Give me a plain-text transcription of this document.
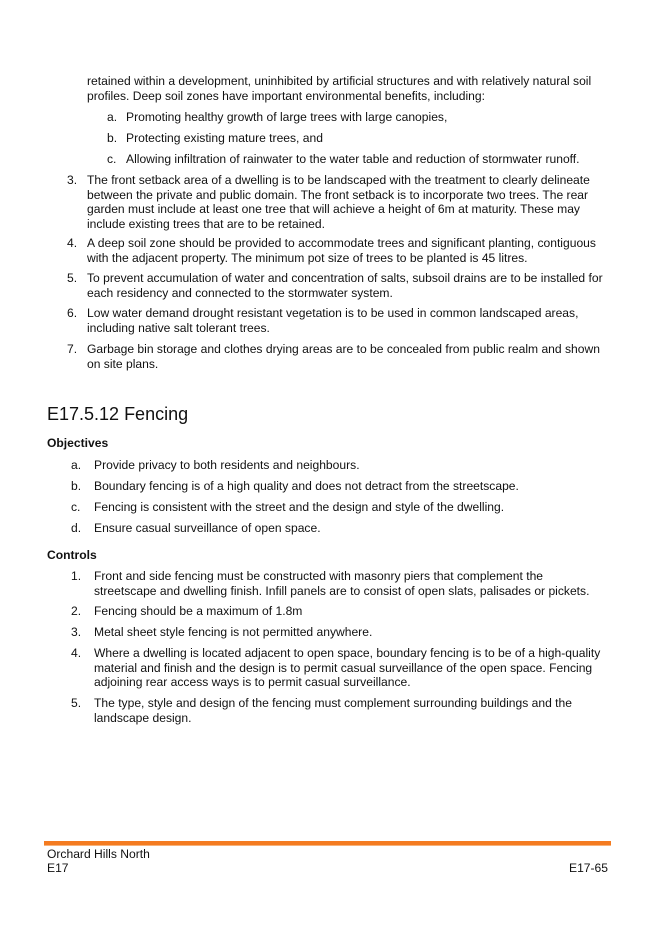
retained within a development, uninhibited by artificial structures and with relatively natural soil
profiles. Deep soil zones have important environmental benefits, including:
a. Promoting healthy growth of large trees with large canopies,
b. Protecting existing mature trees, and
c. Allowing infiltration of rainwater to the water table and reduction of stormwater runoff.
3. The front setback area of a dwelling is to be landscaped with the treatment to clearly delineate
between the private and public domain. The front setback is to incorporate two trees. The rear
garden must include at least one tree that will achieve a height of 6m at maturity. These may
include existing trees that are to be retained.
4. A deep soil zone should be provided to accommodate trees and significant planting, contiguous
with the adjacent property. The minimum pot size of trees to be planted is 45 litres.
5. To prevent accumulation of water and concentration of salts, subsoil drains are to be installed for
each residency and connected to the stormwater system.
6. Low water demand drought resistant vegetation is to be used in common landscaped areas,
including native salt tolerant trees.
7. Garbage bin storage and clothes drying areas are to be concealed from public realm and shown
on site plans.
E17.5.12 Fencing
Objectives
a. Provide privacy to both residents and neighbours.
b. Boundary fencing is of a high quality and does not detract from the streetscape.
c. Fencing is consistent with the street and the design and style of the dwelling.
d. Ensure casual surveillance of open space.
Controls
1. Front and side fencing must be constructed with masonry piers that complement the
streetscape and dwelling finish. Infill panels are to consist of open slats, palisades or pickets.
2. Fencing should be a maximum of 1.8m
3. Metal sheet style fencing is not permitted anywhere.
4. Where a dwelling is located adjacent to open space, boundary fencing is to be of a high-quality
material and finish and the design is to permit casual surveillance of the open space. Fencing
adjoining rear access ways is to permit casual surveillance.
5. The type, style and design of the fencing must complement surrounding buildings and the
landscape design.
Orchard Hills North
E17	E17-65
